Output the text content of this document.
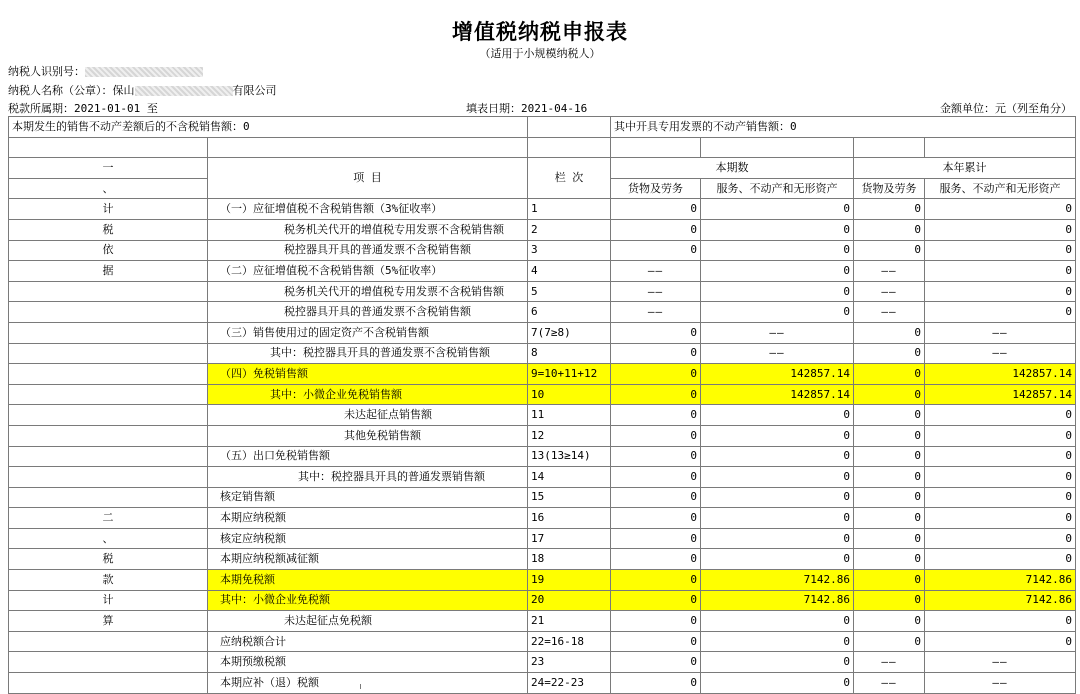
增值税纳税申报表
（适用于小规模纳税人）
纳税人识别号：
纳税人名称（公章）：保山	有限公司
税款所属期：2021-01-01 至	填表日期：2021-04-16	金额单位：元（列至角分）
本期发生的销售不动产差额后的不含税销售额：0			其中开具专用发票的不动产销售额：0			

一	项 目	栏 次	本期数		本年累计	
、			货物及劳务	服务、不动产和无形资产	货物及劳务	服务、不动产和无形资产
计	（一）应征增值税不含税销售额（3%征收率）	1	0	0	0	0
税	税务机关代开的增值税专用发票不含税销售额	2	0	0	0	0
依	税控器具开具的普通发票不含税销售额	3	0	0	0	0
据	（二）应征增值税不含税销售额（5%征收率）	4	——	0	——	0
	税务机关代开的增值税专用发票不含税销售额	5	——	0	——	0
	税控器具开具的普通发票不含税销售额	6	——	0	——	0
	（三）销售使用过的固定资产不含税销售额	7(7≥8)	0	——	0	——
	其中：税控器具开具的普通发票不含税销售额	8	0	——	0	——
	（四）免税销售额	9=10+11+12	0	142857.14	0	142857.14
	其中：小微企业免税销售额	10	0	142857.14	0	142857.14
	未达起征点销售额	11	0	0	0	0
	其他免税销售额	12	0	0	0	0
	（五）出口免税销售额	13(13≥14)	0	0	0	0
	其中：税控器具开具的普通发票销售额	14	0	0	0	0
	核定销售额	15	0	0	0	0
二	本期应纳税额	16	0	0	0	0
、	核定应纳税额	17	0	0	0	0
税	本期应纳税额减征额	18	0	0	0	0
款	本期免税额	19	0	7142.86	0	7142.86
计	其中：小微企业免税额	20	0	7142.86	0	7142.86
算	未达起征点免税额	21	0	0	0	0
	应纳税额合计	22=16-18	0	0	0	0
	本期预缴税额	23	0	0	——	——
	本期应补（退）税额	24=22-23	0	0	——	——
